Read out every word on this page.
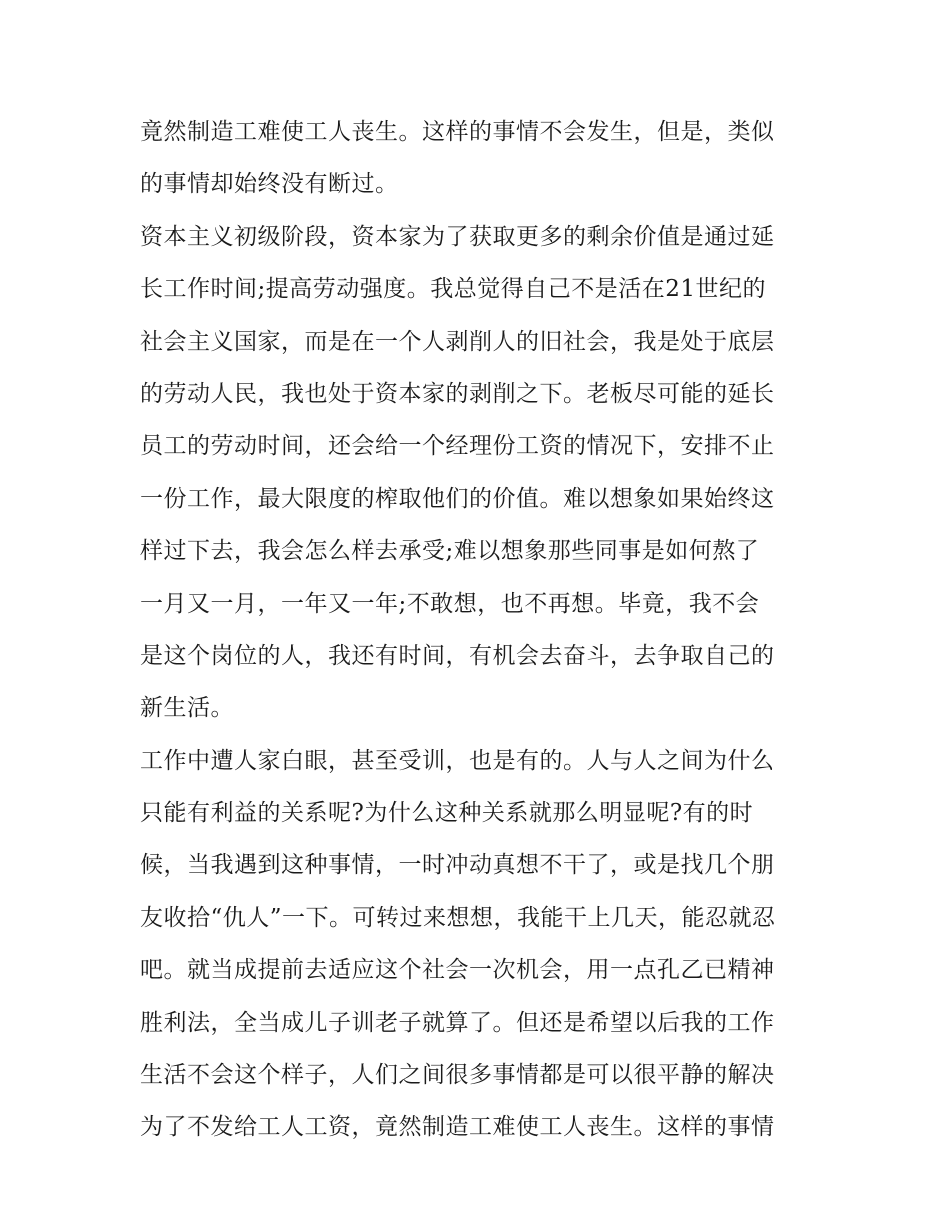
竟然制造工难使工人丧生。这样的事情不会发生，但是，类似
的事情却始终没有断过。
资本主义初级阶段，资本家为了获取更多的剩余价值是通过延
长工作时间;提高劳动强度。我总觉得自己不是活在21世纪的
社会主义国家，而是在一个人剥削人的旧社会，我是处于底层
的劳动人民，我也处于资本家的剥削之下。老板尽可能的延长
员工的劳动时间，还会给一个经理份工资的情况下，安排不止
一份工作，最大限度的榨取他们的价值。难以想象如果始终这
样过下去，我会怎么样去承受;难以想象那些同事是如何熬了
一月又一月，一年又一年;不敢想，也不再想。毕竟，我不会
是这个岗位的人，我还有时间，有机会去奋斗，去争取自己的
新生活。
工作中遭人家白眼，甚至受训，也是有的。人与人之间为什么
只能有利益的关系呢?为什么这种关系就那么明显呢?有的时
候，当我遇到这种事情，一时冲动真想不干了，或是找几个朋
友收拾“仇人”一下。可转过来想想，我能干上几天，能忍就忍
吧。就当成提前去适应这个社会一次机会，用一点孔乙已精神
胜利法，全当成儿子训老子就算了。但还是希望以后我的工作
生活不会这个样子，人们之间很多事情都是可以很平静的解决
为了不发给工人工资，竟然制造工难使工人丧生。这样的事情
